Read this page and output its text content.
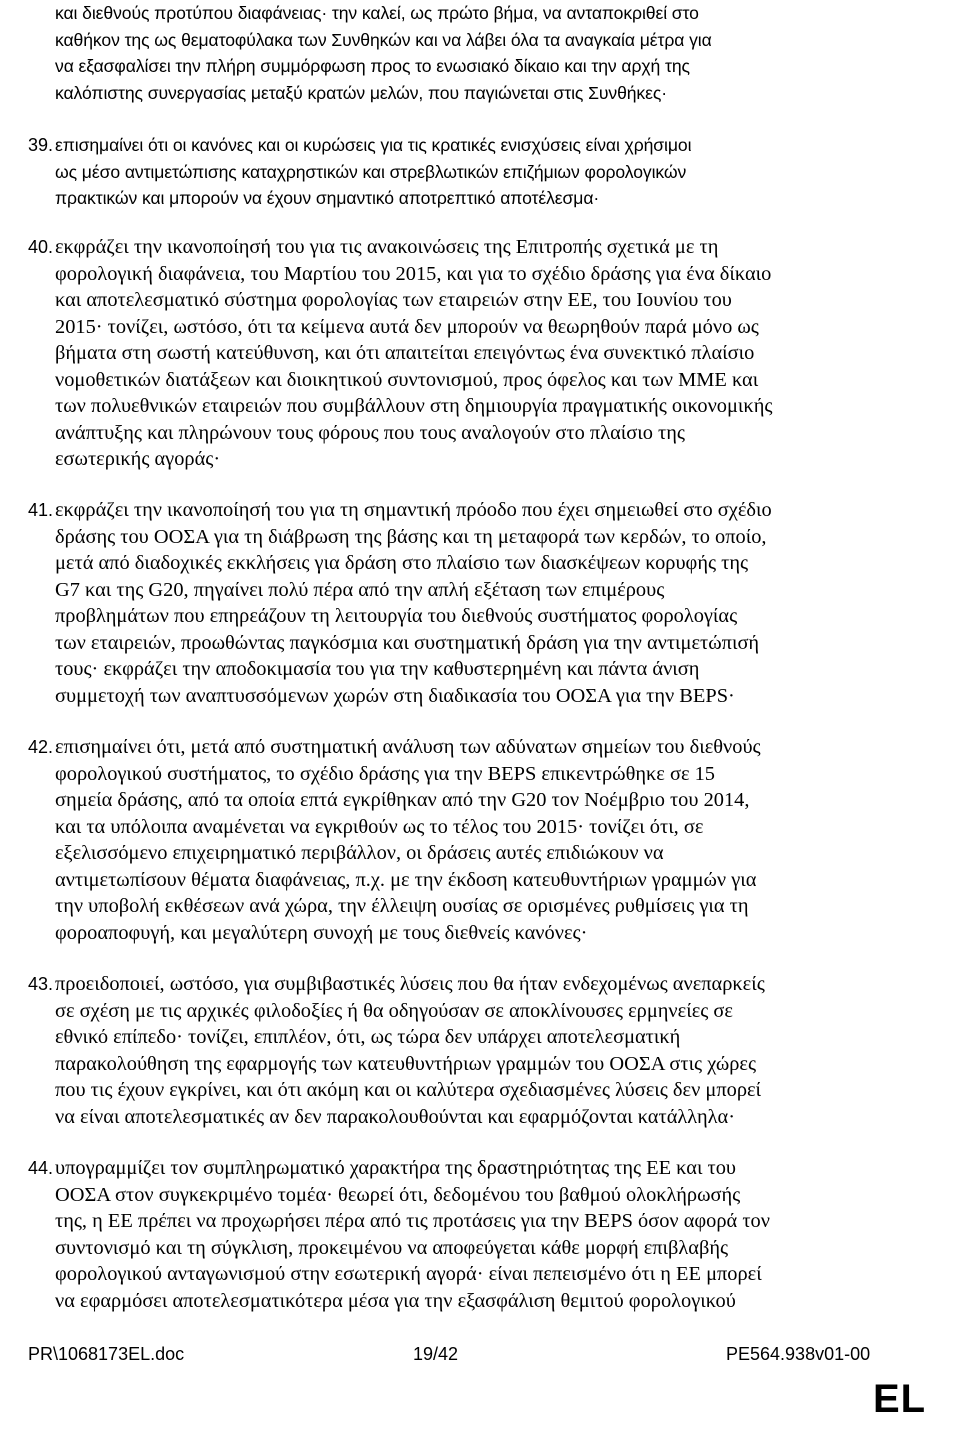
και διεθνούς προτύπου διαφάνειας· την καλεί, ως πρώτο βήμα, να ανταποκριθεί στο
καθήκον της ως θεματοφύλακα των Συνθηκών και να λάβει όλα τα αναγκαία μέτρα για
να εξασφαλίσει την πλήρη συμμόρφωση προς το ενωσιακό δίκαιο και την αρχή της
καλόπιστης συνεργασίας μεταξύ κρατών μελών, που παγιώνεται στις Συνθήκες·
39. επισημαίνει ότι οι κανόνες και οι κυρώσεις για τις κρατικές ενισχύσεις είναι χρήσιμοι
ως μέσο αντιμετώπισης καταχρηστικών και στρεβλωτικών επιζήμιων φορολογικών
πρακτικών και μπορούν να έχουν σημαντικό αποτρεπτικό αποτέλεσμα·
40. εκφράζει την ικανοποίησή του για τις ανακοινώσεις της Επιτροπής σχετικά με τη
φορολογική διαφάνεια, του Μαρτίου του 2015, και για το σχέδιο δράσης για ένα δίκαιο
και αποτελεσματικό σύστημα φορολογίας των εταιρειών στην ΕΕ, του Ιουνίου του
2015· τονίζει, ωστόσο, ότι τα κείμενα αυτά δεν μπορούν να θεωρηθούν παρά μόνο ως
βήματα στη σωστή κατεύθυνση, και ότι απαιτείται επειγόντως ένα συνεκτικό πλαίσιο
νομοθετικών διατάξεων και διοικητικού συντονισμού, προς όφελος και των ΜΜΕ και
των πολυεθνικών εταιρειών που συμβάλλουν στη δημιουργία πραγματικής οικονομικής
ανάπτυξης και πληρώνουν τους φόρους που τους αναλογούν στο πλαίσιο της
εσωτερικής αγοράς·
41. εκφράζει την ικανοποίησή του για τη σημαντική πρόοδο που έχει σημειωθεί στο σχέδιο
δράσης του ΟΟΣΑ για τη διάβρωση της βάσης και τη μεταφορά των κερδών, το οποίο,
μετά από διαδοχικές εκκλήσεις για δράση στο πλαίσιο των διασκέψεων κορυφής της
G7 και της G20, πηγαίνει πολύ πέρα από την απλή εξέταση των επιμέρους
προβλημάτων που επηρεάζουν τη λειτουργία του διεθνούς συστήματος φορολογίας
των εταιρειών, προωθώντας παγκόσμια και συστηματική δράση για την αντιμετώπισή
τους· εκφράζει την αποδοκιμασία του για την καθυστερημένη και πάντα άνιση
συμμετοχή των αναπτυσσόμενων χωρών στη διαδικασία του ΟΟΣΑ για την BEPS·
42. επισημαίνει ότι, μετά από συστηματική ανάλυση των αδύνατων σημείων του διεθνούς
φορολογικού συστήματος, το σχέδιο δράσης για την BEPS επικεντρώθηκε σε 15
σημεία δράσης, από τα οποία επτά εγκρίθηκαν από την G20 τον Νοέμβριο του 2014,
και τα υπόλοιπα αναμένεται να εγκριθούν ως το τέλος του 2015· τονίζει ότι, σε
εξελισσόμενο επιχειρηματικό περιβάλλον, οι δράσεις αυτές επιδιώκουν να
αντιμετωπίσουν θέματα διαφάνειας, π.χ. με την έκδοση κατευθυντήριων γραμμών για
την υποβολή εκθέσεων ανά χώρα, την έλλειψη ουσίας σε ορισμένες ρυθμίσεις για τη
φοροαποφυγή, και μεγαλύτερη συνοχή με τους διεθνείς κανόνες·
43. προειδοποιεί, ωστόσο, για συμβιβαστικές λύσεις που θα ήταν ενδεχομένως ανεπαρκείς
σε σχέση με τις αρχικές φιλοδοξίες ή θα οδηγούσαν σε αποκλίνουσες ερμηνείες σε
εθνικό επίπεδο· τονίζει, επιπλέον, ότι, ως τώρα δεν υπάρχει αποτελεσματική
παρακολούθηση της εφαρμογής των κατευθυντήριων γραμμών του ΟΟΣΑ στις χώρες
που τις έχουν εγκρίνει, και ότι ακόμη και οι καλύτερα σχεδιασμένες λύσεις δεν μπορεί
να είναι αποτελεσματικές αν δεν παρακολουθούνται και εφαρμόζονται κατάλληλα·
44. υπογραμμίζει τον συμπληρωματικό χαρακτήρα της δραστηριότητας της ΕΕ και του
ΟΟΣΑ στον συγκεκριμένο τομέα· θεωρεί ότι, δεδομένου του βαθμού ολοκλήρωσής
της, η ΕΕ πρέπει να προχωρήσει πέρα από τις προτάσεις για την BEPS όσον αφορά τον
συντονισμό και τη σύγκλιση, προκειμένου να αποφεύγεται κάθε μορφή επιβλαβής
φορολογικού ανταγωνισμού στην εσωτερική αγορά· είναι πεπεισμένο ότι η ΕΕ μπορεί
να εφαρμόσει αποτελεσματικότερα μέσα για την εξασφάλιση θεμιτού φορολογικού
PR\1068173EL.doc	19/42	PE564.938v01-00
EL
